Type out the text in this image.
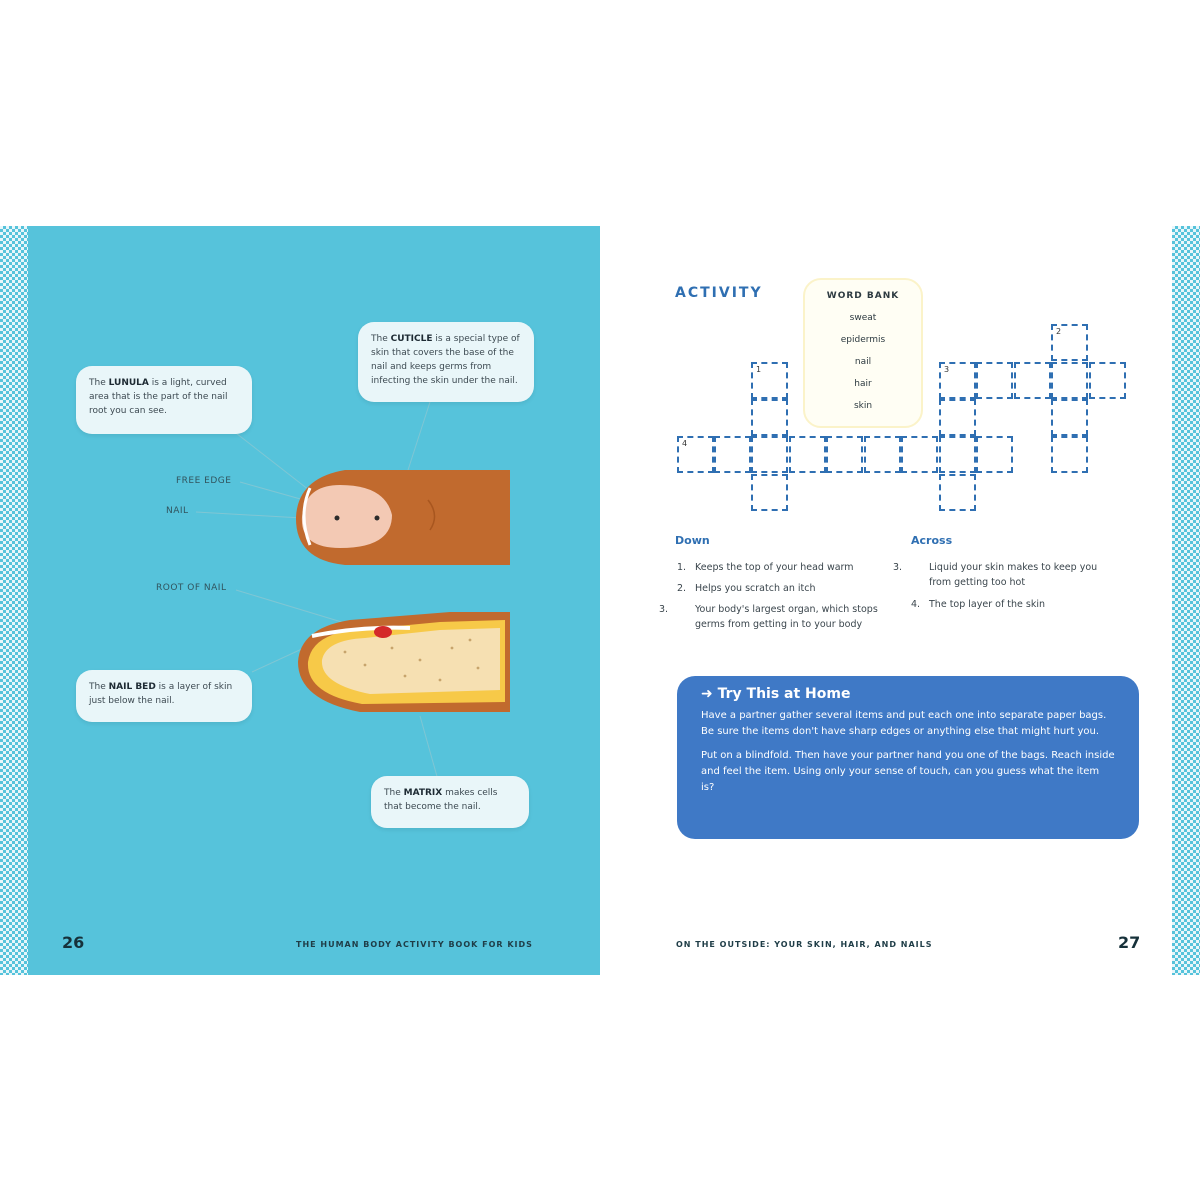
The LUNULA is a light, curved area that is the part of the nail root you can see.
The CUTICLE is a special type of skin that covers the base of the nail and keeps germs from infecting the skin under the nail.
The NAIL BED is a layer of skin just below the nail.
The MATRIX makes cells that become the nail.
FREE EDGE
NAIL
ROOT OF NAIL
26	THE HUMAN BODY ACTIVITY BOOK FOR KIDS
ACTIVITY	WORD BANK
sweat
epidermis
nail
hair
skin
1
2
3
4
Down
1. Keeps the top of your head warm
2. Helps you scratch an itch
3.	Your body's largest organ, which stops germs from getting in to your body
Across
3.	Liquid your skin makes to keep you from getting too hot
4. The top layer of the skin
➜ Try This at Home

Have a partner gather several items and put each one into separate paper bags. Be sure the items don't have sharp edges or anything else that might hurt you.

Put on a blindfold. Then have your partner hand you one of the bags. Reach inside and feel the item. Using only your sense of touch, can you guess what the item is?

ON THE OUTSIDE: YOUR SKIN, HAIR, AND NAILS	27
